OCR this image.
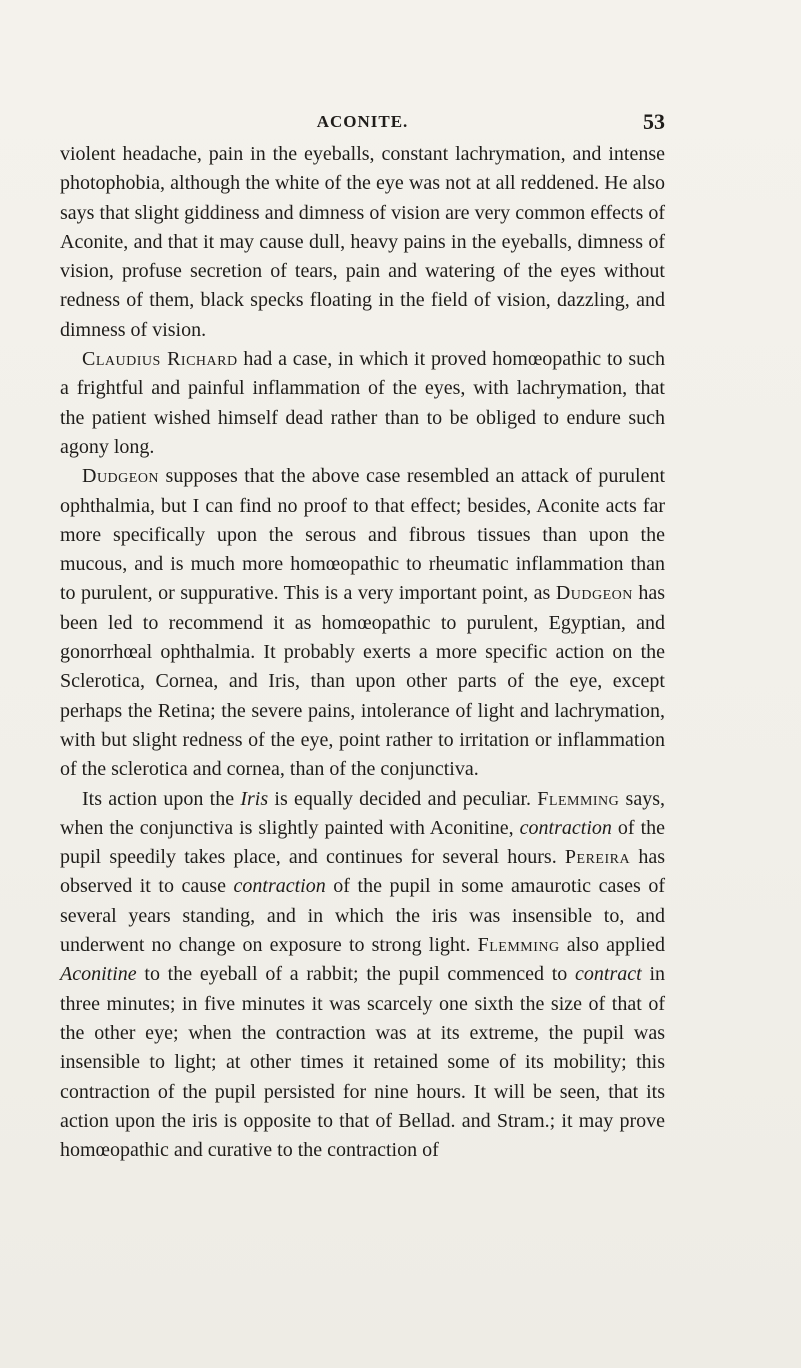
ACONITE.	53

violent headache, pain in the eyeballs, constant lachrymation, and intense photophobia, although the white of the eye was not at all reddened. He also says that slight giddiness and dimness of vision are very common effects of Aconite, and that it may cause dull, heavy pains in the eyeballs, dimness of vision, profuse secretion of tears, pain and watering of the eyes without redness of them, black specks floating in the field of vision, dazzling, and dimness of vision.

Claudius Richard had a case, in which it proved homœopathic to such a frightful and painful inflammation of the eyes, with lachrymation, that the patient wished himself dead rather than to be obliged to endure such agony long.

Dudgeon supposes that the above case resembled an attack of purulent ophthalmia, but I can find no proof to that effect; besides, Aconite acts far more specifically upon the serous and fibrous tissues than upon the mucous, and is much more homœopathic to rheumatic inflammation than to purulent, or suppurative. This is a very important point, as Dudgeon has been led to recommend it as homœopathic to purulent, Egyptian, and gonorrhœal ophthalmia. It probably exerts a more specific action on the Sclerotica, Cornea, and Iris, than upon other parts of the eye, except perhaps the Retina; the severe pains, intolerance of light and lachrymation, with but slight redness of the eye, point rather to irritation or inflammation of the sclerotica and cornea, than of the conjunctiva.

Its action upon the Iris is equally decided and peculiar. Flemming says, when the conjunctiva is slightly painted with Aconitine, contraction of the pupil speedily takes place, and continues for several hours. Pereira has observed it to cause contraction of the pupil in some amaurotic cases of several years standing, and in which the iris was insensible to, and underwent no change on exposure to strong light. Flemming also applied Aconitine to the eyeball of a rabbit; the pupil commenced to contract in three minutes; in five minutes it was scarcely one sixth the size of that of the other eye; when the contraction was at its extreme, the pupil was insensible to light; at other times it retained some of its mobility; this contraction of the pupil persisted for nine hours. It will be seen, that its action upon the iris is opposite to that of Bellad. and Stram.; it may prove homœopathic and curative to the contraction of
